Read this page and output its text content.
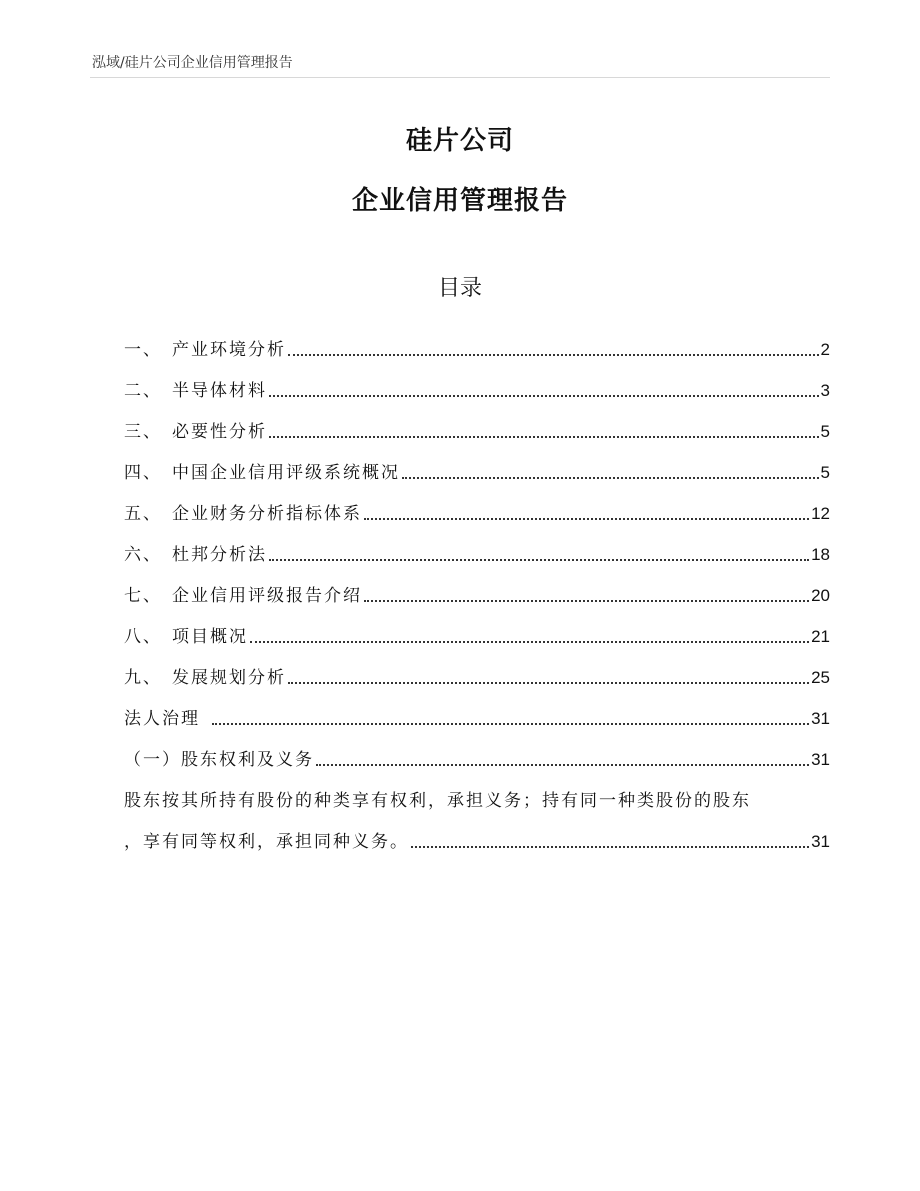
泓域/硅片公司企业信用管理报告
硅片公司
企业信用管理报告
目录
一、 产业环境分析	2
二、 半导体材料	3
三、 必要性分析	5
四、 中国企业信用评级系统概况	5
五、 企业财务分析指标体系	12
六、 杜邦分析法	18
七、 企业信用评级报告介绍	20
八、 项目概况	21
九、 发展规划分析	25
法人治理	31
（一）股东权利及义务	31
股东按其所持有股份的种类享有权利，承担义务；持有同一种类股份的股东
，享有同等权利，承担同种义务。	31
